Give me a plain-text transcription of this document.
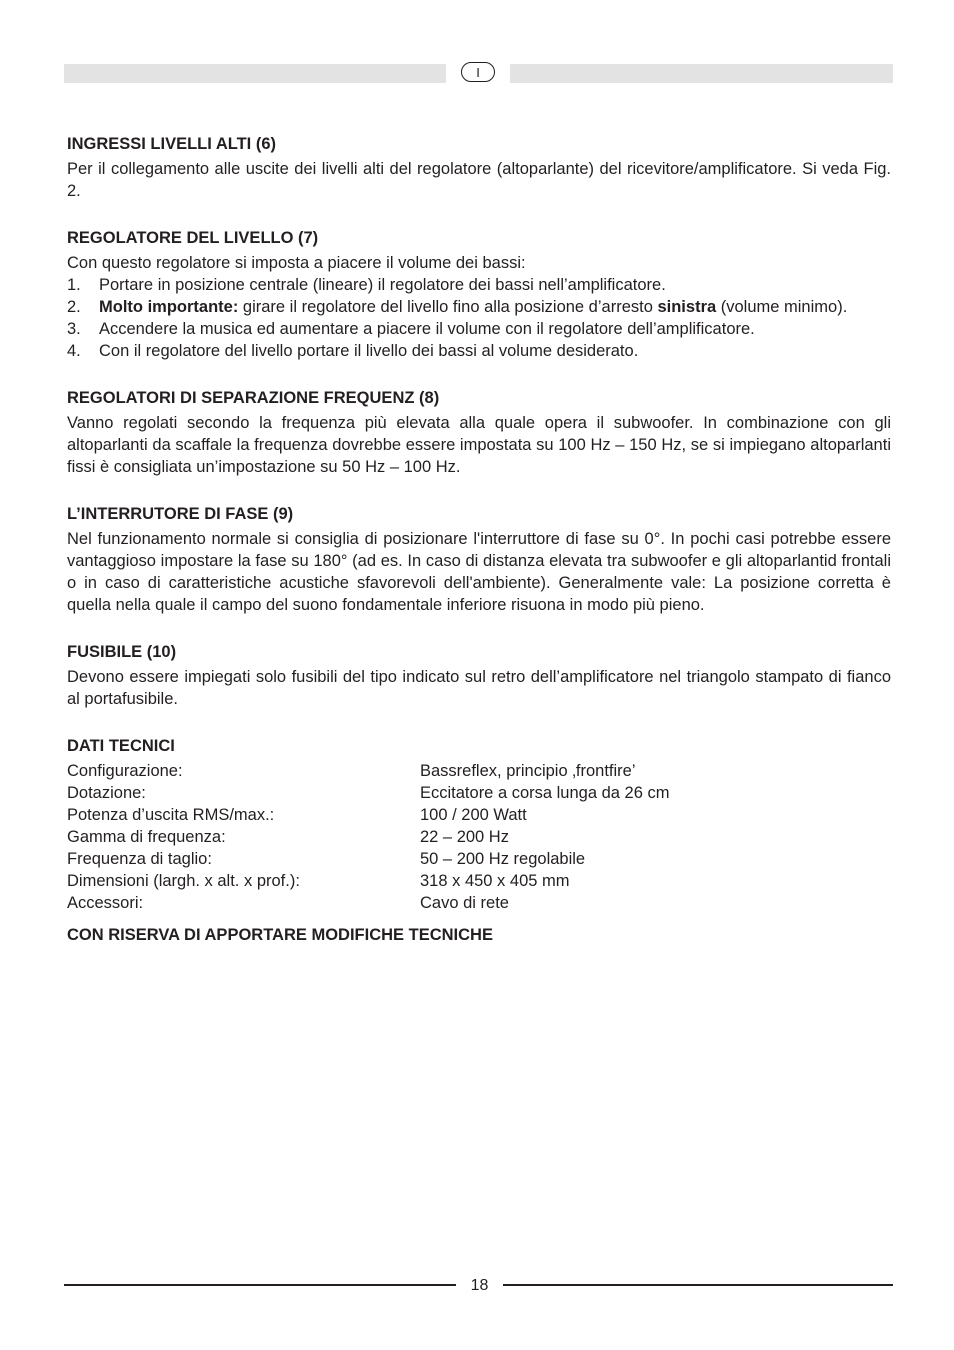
I

INGRESSI LIVELLI ALTI (6)

Per il collegamento alle uscite dei livelli alti del regolatore (altoparlante) del ricevitore/amplificatore. Si veda Fig. 2.

REGOLATORE DEL LIVELLO (7)

Con questo regolatore si imposta a piacere il volume dei bassi:

1. Portare in posizione centrale (lineare) il regolatore dei bassi nell’amplificatore.
2. Molto importante: girare il regolatore del livello fino alla posizione d’arresto sinistra (volume minimo).
3. Accendere la musica ed aumentare a piacere il volume con il regolatore dell’amplificatore.
4. Con il regolatore del livello portare il livello dei bassi al volume desiderato.

REGOLATORI DI SEPARAZIONE FREQUENZ (8)

Vanno regolati secondo la frequenza più elevata alla quale opera il subwoofer. In combinazione con gli altoparlanti da scaffale la frequenza dovrebbe essere impostata su 100 Hz – 150 Hz, se si impiegano altoparlanti fissi è consigliata un’impostazione su 50 Hz – 100 Hz.

L’INTERRUTORE DI FASE (9)

Nel funzionamento normale si consiglia di posizionare l'interruttore di fase su 0°. In pochi casi potrebbe essere vantaggioso impostare la fase su 180° (ad es. In caso di distanza elevata tra subwoofer e gli altoparlantid frontali o in caso di caratteristiche acustiche sfavorevoli dell'ambiente). Generalmente vale: La posizione corretta è quella nella quale il campo del suono fondamentale inferiore risuona in modo più pieno.

FUSIBILE (10)

Devono essere impiegati solo fusibili del tipo indicato sul retro dell’amplificatore nel triangolo stampato di fianco al portafusibile.

DATI TECNICI

Configurazione:	Bassreflex, principio ‚frontfire’
Dotazione:	Eccitatore a corsa lunga da 26 cm
Potenza d’uscita RMS/max.:	100 / 200 Watt
Gamma di frequenza:	22 – 200 Hz
Frequenza di taglio:	50 – 200 Hz regolabile
Dimensioni (largh. x alt. x prof.):	318 x 450 x 405 mm
Accessori:	Cavo di rete

CON RISERVA DI APPORTARE MODIFICHE TECNICHE

18
